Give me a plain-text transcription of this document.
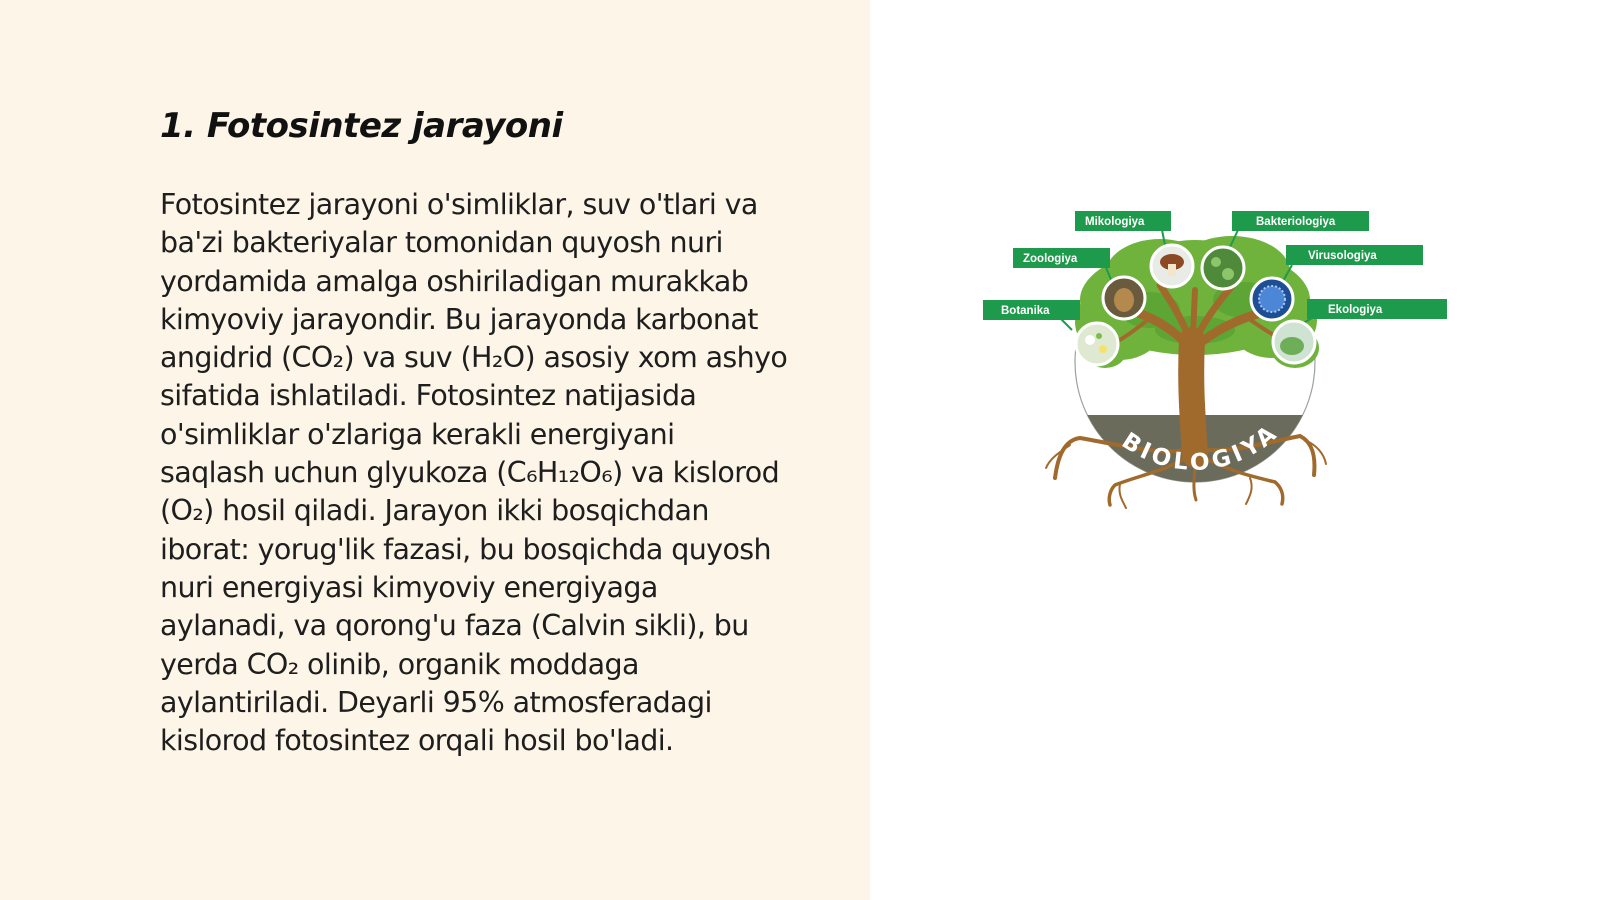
1. Fotosintez jarayoni
Fotosintez jarayoni o'simliklar, suv o'tlari va
ba'zi bakteriyalar tomonidan quyosh nuri
yordamida amalga oshiriladigan murakkab
kimyoviy jarayondir. Bu jarayonda karbonat
angidrid (CO₂) va suv (H₂O) asosiy xom ashyo
sifatida ishlatiladi. Fotosintez natijasida
o'simliklar o'zlariga kerakli energiyani
saqlash uchun glyukoza (C₆H₁₂O₆) va kislorod
(O₂) hosil qiladi. Jarayon ikki bosqichdan
iborat: yorug'lik fazasi, bu bosqichda quyosh
nuri energiyasi kimyoviy energiyaga
aylanadi, va qorong'u faza (Calvin sikli), bu
yerda CO₂ olinib, organik moddaga
aylantiriladi. Deyarli 95% atmosferadagi
kislorod fotosintez orqali hosil bo'ladi.
BIOLOGIYA
Mikologiya	Bakteriologiya
Zoologiya	Virusologiya
Botanika	Ekologiya
